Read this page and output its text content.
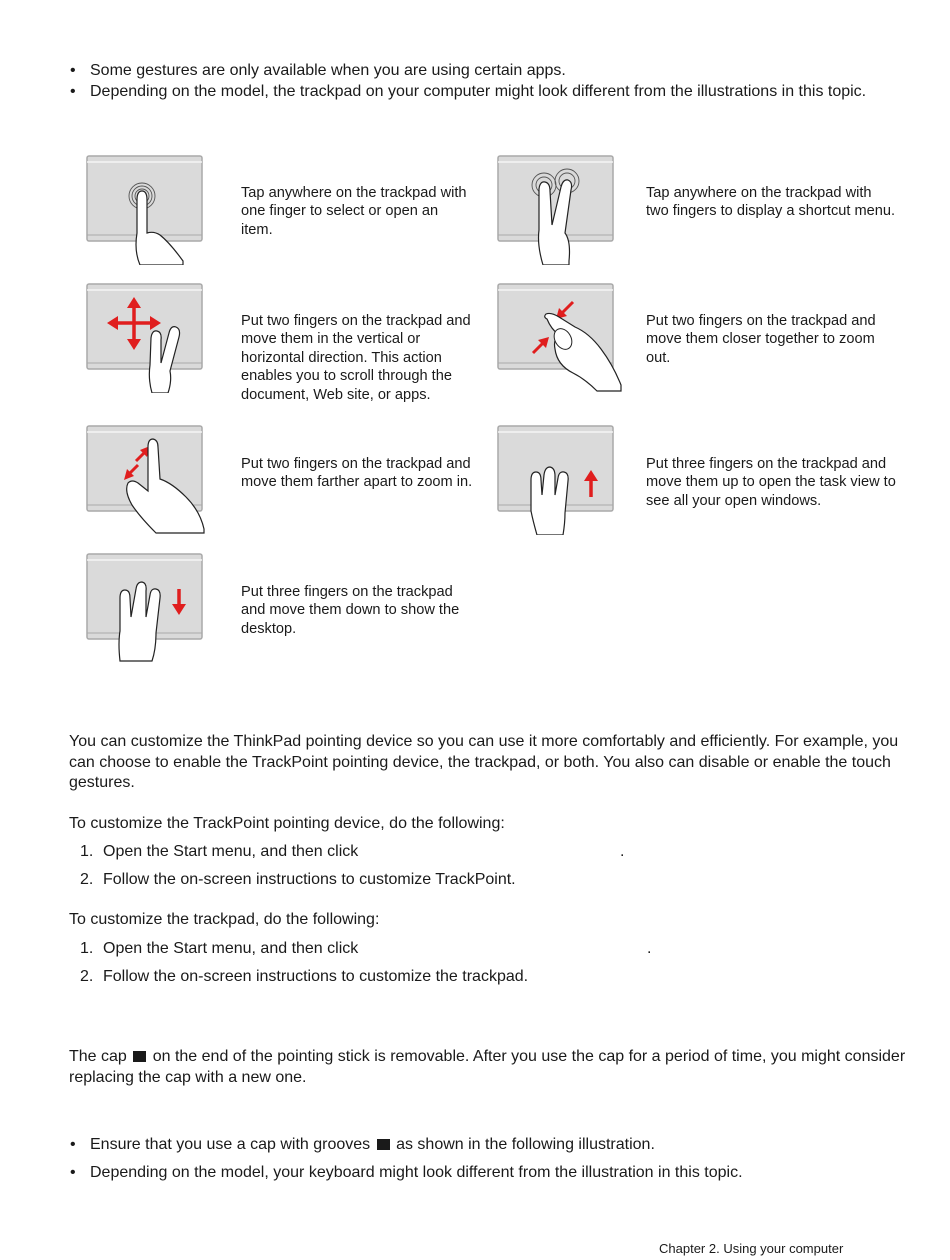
• Some gestures are only available when you are using certain apps.
• Depending on the model, the trackpad on your computer might look different from the illustrations in this topic.
Tap anywhere on the trackpad with one finger to select or open an item.
Tap anywhere on the trackpad with two fingers to display a shortcut menu.
Put two fingers on the trackpad and move them in the vertical or horizontal direction. This action enables you to scroll through the document, Web site, or apps.
Put two fingers on the trackpad and move them closer together to zoom out.
Put two fingers on the trackpad and move them farther apart to zoom in.
Put three fingers on the trackpad and move them up to open the task view to see all your open windows.
Put three fingers on the trackpad and move them down to show the desktop.

You can customize the ThinkPad pointing device so you can use it more comfortably and efficiently. For example, you can choose to enable the TrackPoint pointing device, the trackpad, or both. You also can disable or enable the touch gestures.

To customize the TrackPoint pointing device, do the following:

1. Open the Start menu, and then click	.
2. Follow the on-screen instructions to customize TrackPoint.

To customize the trackpad, do the following:

1. Open the Start menu, and then click	.
2. Follow the on-screen instructions to customize the trackpad.

The cap on the end of the pointing stick is removable. After you use the cap for a period of time, you might consider replacing the cap with a new one.

• Ensure that you use a cap with grooves as shown in the following illustration.
• Depending on the model, your keyboard might look different from the illustration in this topic.
Chapter 2. Using your computer
